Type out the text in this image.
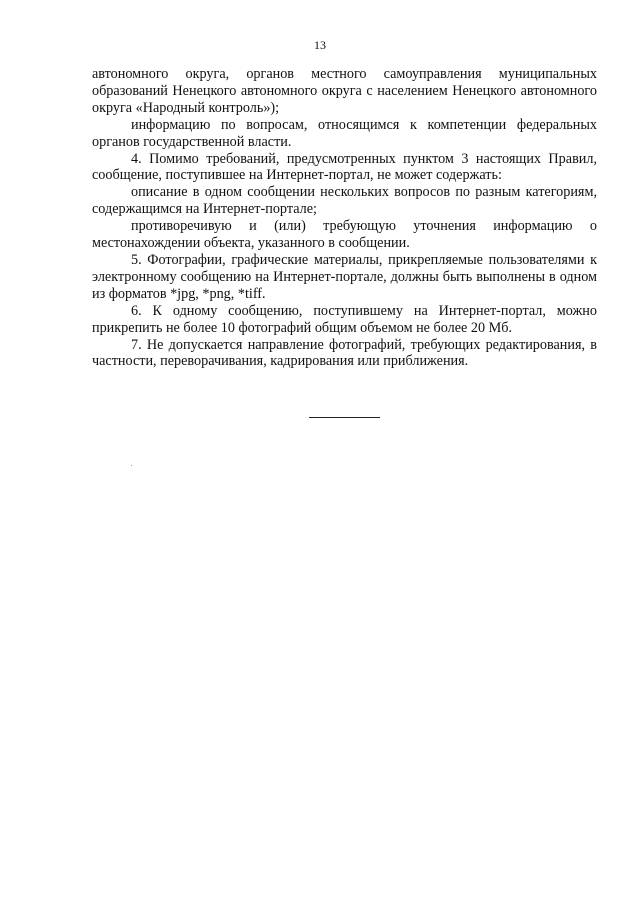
13

автономного округа, органов местного самоуправления муниципальных образований Ненецкого автономного округа с населением Ненецкого автономного округа «Народный контроль»);

информацию по вопросам, относящимся к компетенции федеральных органов государственной власти.

4. Помимо требований, предусмотренных пунктом 3 настоящих Правил, сообщение, поступившее на Интернет-портал, не может содержать:

описание в одном сообщении нескольких вопросов по разным категориям, содержащимся на Интернет-портале;

противоречивую и (или) требующую уточнения информацию о местонахождении объекта, указанного в сообщении.

5. Фотографии, графические материалы, прикрепляемые пользователями к электронному сообщению на Интернет-портале, должны быть выполнены в одном из форматов *jpg, *png, *tiff.

6. К одному сообщению, поступившему на Интернет-портал, можно прикрепить не более 10 фотографий общим объемом не более 20 Мб.

7. Не допускается направление фотографий, требующих редактирования, в частности, переворачивания, кадрирования или приближения.
